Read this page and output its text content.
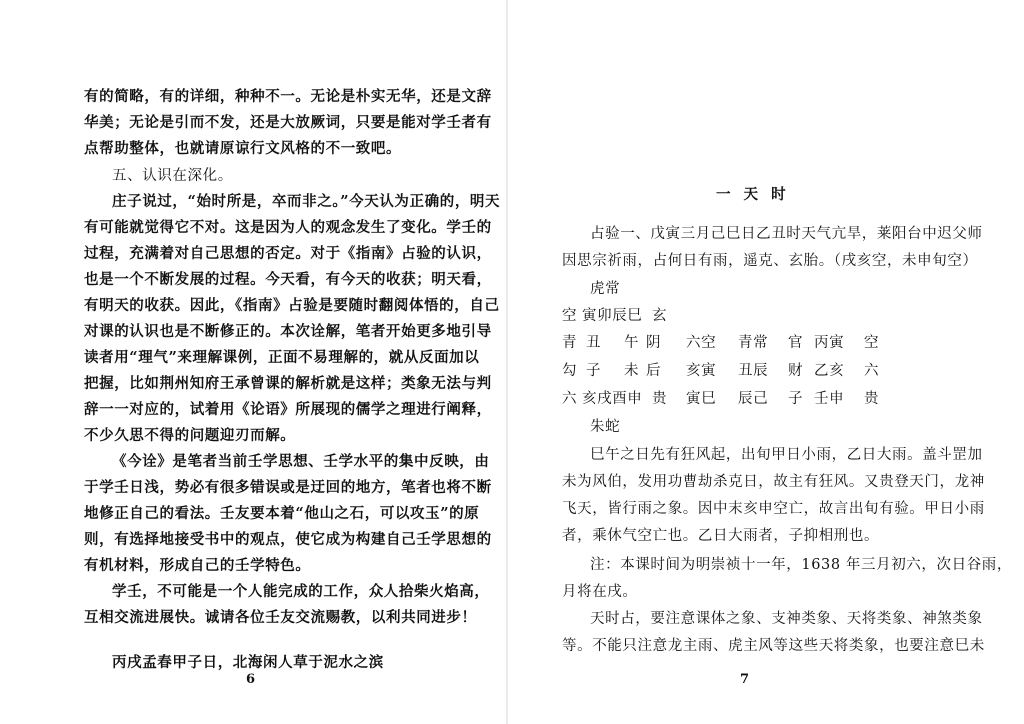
有的简略，有的详细，种种不一。无论是朴实无华，还是文辞
华美；无论是引而不发，还是大放厥词，只要是能对学壬者有
点帮助整体，也就请原谅行文风格的不一致吧。
五、认识在深化。
庄子说过，“始时所是，卒而非之。”今天认为正确的，明天
有可能就觉得它不对。这是因为人的观念发生了变化。学壬的
过程，充满着对自己思想的否定。对于《指南》占验的认识，
也是一个不断发展的过程。今天看，有今天的收获；明天看，
有明天的收获。因此，《指南》占验是要随时翻阅体悟的，自己
对课的认识也是不断修正的。本次诠解，笔者开始更多地引导
读者用“理气”来理解课例，正面不易理解的，就从反面加以
把握，比如荆州知府王承曾课的解析就是这样；类象无法与判
辞一一对应的，试着用《论语》所展现的儒学之理进行阐释，
不少久思不得的问题迎刃而解。
《今诠》是笔者当前壬学思想、壬学水平的集中反映，由
于学壬日浅，势必有很多错误或是迂回的地方，笔者也将不断
地修正自己的看法。壬友要本着“他山之石，可以攻玉”的原
则，有选择地接受书中的观点，使它成为构建自己壬学思想的
有机材料，形成自己的壬学特色。
学壬，不可能是一个人能完成的工作，众人拾柴火焰高，
互相交流进展快。诚请各位壬友交流赐教，以利共同进步！
丙戌孟春甲子日，北海闲人草于泥水之滨
6
一 天 时
占验一、戊寅三月己巳日乙丑时天气亢旱，莱阳台中迟父师
因思宗祈雨，占何日有雨，遥克、玄胎。（戌亥空，未申旬空）
虎常
空 寅卯辰巳 玄
青 丑 午 阴 六空 青常 官 丙寅 空
勾 子 未 后 亥寅 丑辰 财 乙亥 六
六 亥戌酉申 贵 寅巳 辰己 子 壬申 贵
朱蛇
巳午之日先有狂风起，出旬甲日小雨，乙日大雨。盖斗罡加
未为风伯，发用功曹劫杀克日，故主有狂风。又贵登天门，龙神
飞天，皆行雨之象。因中末亥申空亡，故言出旬有验。甲日小雨
者，乘休气空亡也。乙日大雨者，子抑相刑也。
注：本课时间为明崇祯十一年，1638 年三月初六，次日谷雨，
月将在戌。
天时占，要注意课体之象、支神类象、天将类象、神煞类象
等。不能只注意龙主雨、虎主风等这些天将类象，也要注意巳未
7
